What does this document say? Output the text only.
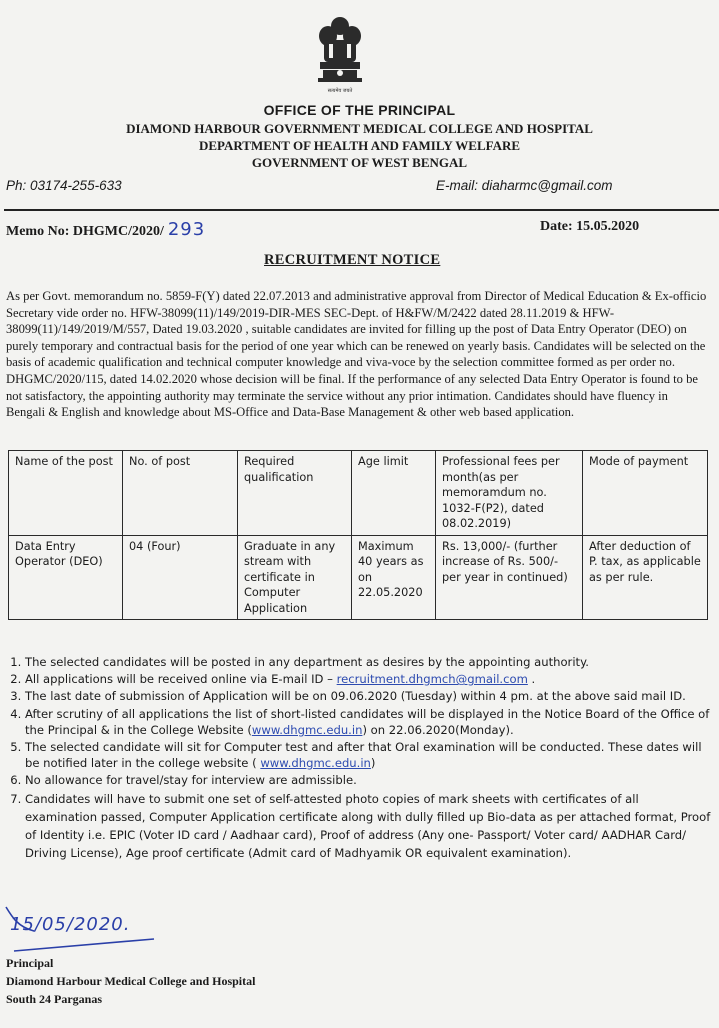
सत्यमेव जयते
OFFICE OF THE PRINCIPAL
DIAMOND HARBOUR GOVERNMENT MEDICAL COLLEGE AND HOSPITAL
DEPARTMENT OF HEALTH AND FAMILY WELFARE
GOVERNMENT OF WEST BENGAL
Ph: 03174-255-633	E-mail: diaharmc@gmail.com
Memo No: DHGMC/2020/ 293	Date: 15.05.2020
RECRUITMENT NOTICE

As per Govt. memorandum no. 5859-F(Y) dated 22.07.2013 and administrative approval from Director of Medical Education & Ex-officio Secretary vide order no. HFW-38099(11)/149/2019-DIR-MES SEC-Dept. of H&FW/M/2422 dated 28.11.2019 & HFW-38099(11)/149/2019/M/557, Dated 19.03.2020 , suitable candidates are invited for filling up the post of Data Entry Operator (DEO) on purely temporary and contractual basis for the period of one year which can be renewed on yearly basis. Candidates will be selected on the basis of academic qualification and technical computer knowledge and viva-voce by the selection committee formed as per order no. DHGMC/2020/115, dated 14.02.2020 whose decision will be final. If the performance of any selected Data Entry Operator is found to be not satisfactory, the appointing authority may terminate the service without any prior intimation. Candidates should have fluency in Bengali & English and knowledge about MS-Office and Data-Base Management & other web based application.

Name of the post	No. of post	Required qualification	Age limit	Professional fees per month(as per memoramdum no. 1032-F(P2), dated 08.02.2019)	Mode of payment
Data Entry Operator (DEO)	04 (Four)	Graduate in any stream with certificate in Computer Application	Maximum 40 years as on 22.05.2020	Rs. 13,000/- (further increase of Rs. 500/- per year in continued)	After deduction of P. tax, as applicable as per rule.
1. The selected candidates will be posted in any department as desires by the appointing authority.
2. All applications will be received online via E-mail ID – recruitment.dhgmch@gmail.com .
3. The last date of submission of Application will be on 09.06.2020 (Tuesday) within 4 pm. at the above said mail ID.
4. After scrutiny of all applications the list of short-listed candidates will be displayed in the Notice Board of the Office of the Principal & in the College Website (www.dhgmc.edu.in) on 22.06.2020(Monday).
5. The selected candidate will sit for Computer test and after that Oral examination will be conducted. These dates will be notified later in the college website ( www.dhgmc.edu.in)
6. No allowance for travel/stay for interview are admissible.
7. Candidates will have to submit one set of self-attested photo copies of mark sheets with certificates of all examination passed, Computer Application certificate along with dully filled up Bio-data as per attached format, Proof of Identity i.e. EPIC (Voter ID card / Aadhaar card), Proof of address (Any one- Passport/ Voter card/ AADHAR Card/ Driving License), Age proof certificate (Admit card of Madhyamik OR equivalent examination).
15/05/2020.
Principal
Diamond Harbour Medical College and Hospital
South 24 Parganas
